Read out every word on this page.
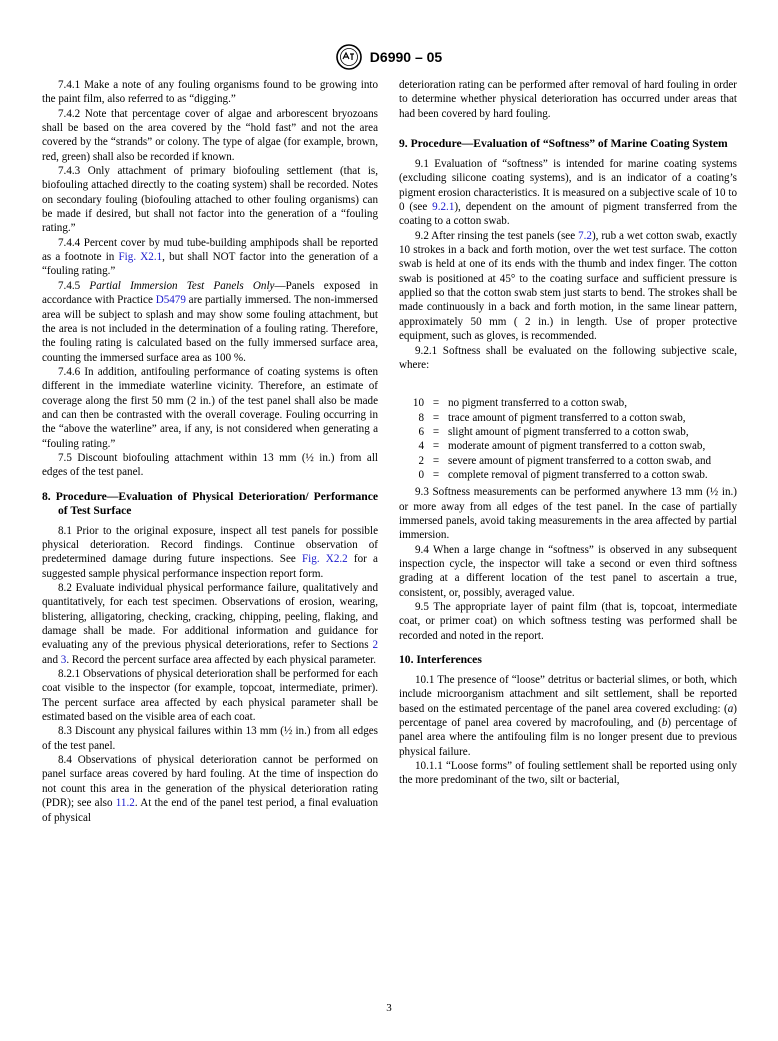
D6990 – 05

7.4.1 Make a note of any fouling organisms found to be growing into the paint film, also referred to as “digging.”

7.4.2 Note that percentage cover of algae and arborescent bryozoans shall be based on the area covered by the “hold fast” and not the area covered by the “strands” or colony. The type of algae (for example, brown, red, green) shall also be recorded if known.

7.4.3 Only attachment of primary biofouling settlement (that is, biofouling attached directly to the coating system) shall be recorded. Notes on secondary fouling (biofouling attached to other fouling organisms) can be made if desired, but shall not factor into the generation of a “fouling rating.”

7.4.4 Percent cover by mud tube-building amphipods shall be reported as a footnote in Fig. X2.1, but shall NOT factor into the generation of a “fouling rating.”

7.4.5 Partial Immersion Test Panels Only—Panels exposed in accordance with Practice D5479 are partially immersed. The non-immersed area will be subject to splash and may show some fouling attachment, but the area is not included in the determination of a fouling rating. Therefore, the fouling rating is calculated based on the fully immersed surface area, counting the immersed surface area as 100 %.

7.4.6 In addition, antifouling performance of coating systems is often different in the immediate waterline vicinity. Therefore, an estimate of coverage along the first 50 mm (2 in.) of the test panel shall also be made and can then be contrasted with the overall coverage. Fouling occurring in the “above the waterline” area, if any, is not considered when generating a “fouling rating.”

7.5 Discount biofouling attachment within 13 mm (½ in.) from all edges of the test panel.

8. Procedure—Evaluation of Physical Deterioration/ Performance of Test Surface

8.1 Prior to the original exposure, inspect all test panels for possible physical deterioration. Record findings. Continue observation of predetermined damage during future inspections. See Fig. X2.2 for a suggested sample physical performance inspection report form.

8.2 Evaluate individual physical performance failure, qualitatively and quantitatively, for each test specimen. Observations of erosion, wearing, blistering, alligatoring, checking, cracking, chipping, peeling, flaking, and damage shall be made. For additional information and guidance for evaluating any of the previous physical deteriorations, refer to Sections 2 and 3. Record the percent surface area affected by each physical parameter.

8.2.1 Observations of physical deterioration shall be performed for each coat visible to the inspector (for example, topcoat, intermediate, primer). The percent surface area affected by each physical parameter shall be estimated based on the visible area of each coat.

8.3 Discount any physical failures within 13 mm (½ in.) from all edges of the test panel.

8.4 Observations of physical deterioration cannot be performed on panel surface areas covered by hard fouling. At the time of inspection do not count this area in the generation of the physical deterioration rating (PDR); see also 11.2. At the end of the panel test period, a final evaluation of physical

deterioration rating can be performed after removal of hard fouling in order to determine whether physical deterioration has occurred under areas that had been covered by hard fouling.

9. Procedure—Evaluation of “Softness” of Marine Coating System

9.1 Evaluation of “softness” is intended for marine coating systems (excluding silicone coating systems), and is an indicator of a coating’s pigment erosion characteristics. It is measured on a subjective scale of 10 to 0 (see 9.2.1), dependent on the amount of pigment transferred from the coating to a cotton swab.

9.2 After rinsing the test panels (see 7.2), rub a wet cotton swab, exactly 10 strokes in a back and forth motion, over the wet test surface. The cotton swab is held at one of its ends with the thumb and index finger. The cotton swab is positioned at 45° to the coating surface and sufficient pressure is applied so that the cotton swab stem just starts to bend. The strokes shall be made continuously in a back and forth motion, in the same linear pattern, approximately 50 mm ( 2 in.) in length. Use of proper protective equipment, such as gloves, is recommended.

9.2.1 Softness shall be evaluated on the following subjective scale, where:

10 = no pigment transferred to a cotton swab,
8 = trace amount of pigment transferred to a cotton swab,
6 = slight amount of pigment transferred to a cotton swab,
4 = moderate amount of pigment transferred to a cotton swab,
2 = severe amount of pigment transferred to a cotton swab, and
0 = complete removal of pigment transferred to a cotton swab.

9.3 Softness measurements can be performed anywhere 13 mm (½ in.) or more away from all edges of the test panel. In the case of partially immersed panels, avoid taking measurements in the area affected by partial immersion.

9.4 When a large change in “softness” is observed in any subsequent inspection cycle, the inspector will take a second or even third softness grading at a different location of the test panel to ascertain a true, consistent, or, possibly, averaged value.

9.5 The appropriate layer of paint film (that is, topcoat, intermediate coat, or primer coat) on which softness testing was performed shall be recorded and noted in the report.

10. Interferences

10.1 The presence of “loose” detritus or bacterial slimes, or both, which include microorganism attachment and silt settlement, shall be reported based on the estimated percentage of the panel area covered excluding: (a) percentage of panel area covered by macrofouling, and (b) percentage of panel area where the antifouling film is no longer present due to previous physical failure.

10.1.1 “Loose forms” of fouling settlement shall be reported using only the more predominant of the two, silt or bacterial,

3
